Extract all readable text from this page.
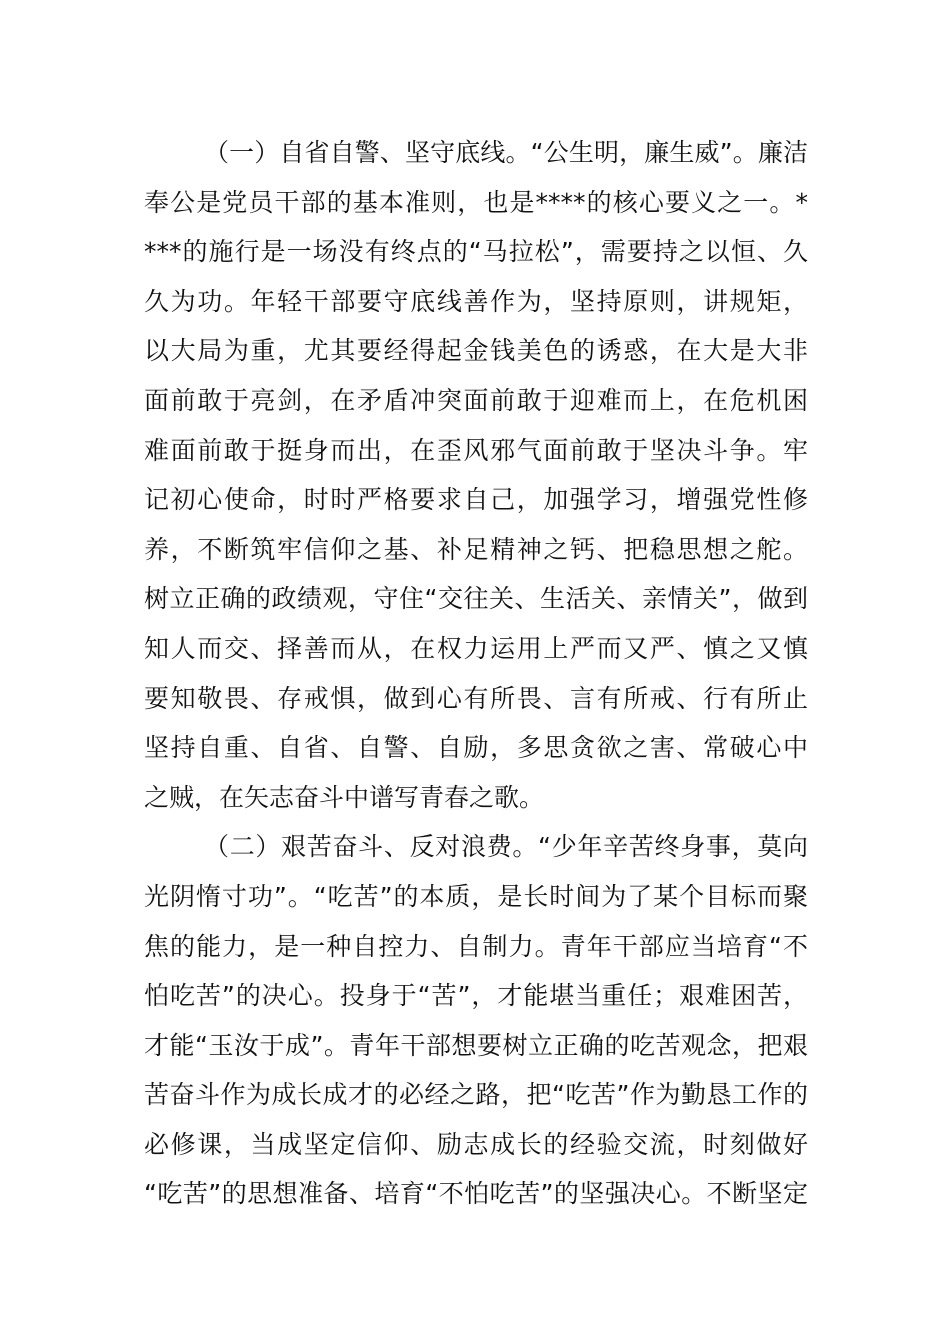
（一）自省自警、坚守底线。“公生明，廉生威”。廉洁
奉公是党员干部的基本准则，也是****的核心要义之一。*
***的施行是一场没有终点的“马拉松”，需要持之以恒、久
久为功。年轻干部要守底线善作为，坚持原则，讲规矩，
以大局为重，尤其要经得起金钱美色的诱惑，在大是大非
面前敢于亮剑，在矛盾冲突面前敢于迎难而上，在危机困
难面前敢于挺身而出，在歪风邪气面前敢于坚决斗争。牢
记初心使命，时时严格要求自己，加强学习，增强党性修
养，不断筑牢信仰之基、补足精神之钙、把稳思想之舵。
树立正确的政绩观，守住“交往关、生活关、亲情关”，做到
知人而交、择善而从，在权力运用上严而又严、慎之又慎
要知敬畏、存戒惧，做到心有所畏、言有所戒、行有所止
坚持自重、自省、自警、自励，多思贪欲之害、常破心中
之贼，在矢志奋斗中谱写青春之歌。
（二）艰苦奋斗、反对浪费。“少年辛苦终身事，莫向
光阴惰寸功”。“吃苦”的本质，是长时间为了某个目标而聚
焦的能力，是一种自控力、自制力。青年干部应当培育“不
怕吃苦”的决心。投身于“苦”，才能堪当重任；艰难困苦，
才能“玉汝于成”。青年干部想要树立正确的吃苦观念，把艰
苦奋斗作为成长成才的必经之路，把“吃苦”作为勤恳工作的
必修课，当成坚定信仰、励志成长的经验交流，时刻做好
“吃苦”的思想准备、培育“不怕吃苦”的坚强决心。不断坚定
